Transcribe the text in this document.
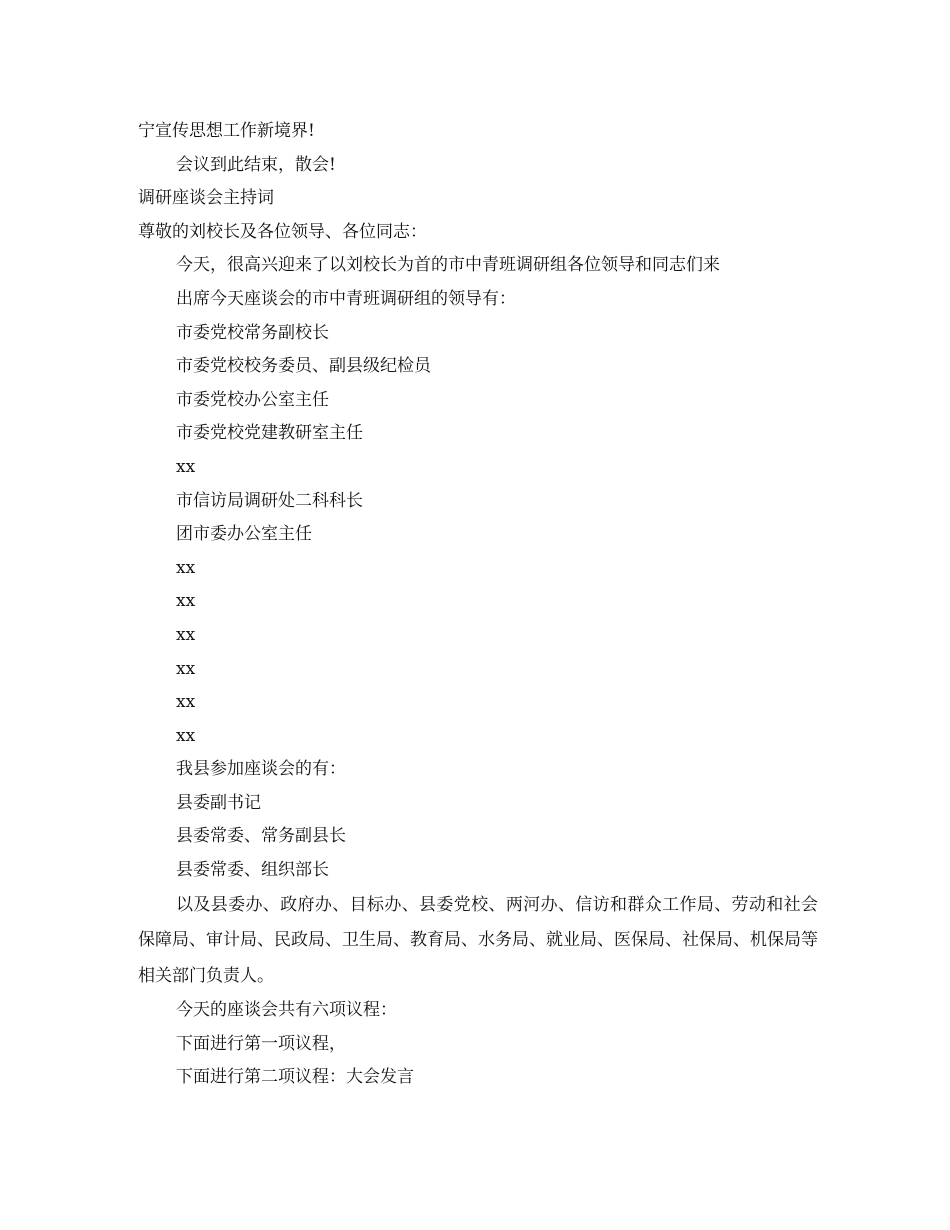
宁宣传思想工作新境界!
会议到此结束，散会!
调研座谈会主持词
尊敬的刘校长及各位领导、各位同志：
今天，很高兴迎来了以刘校长为首的市中青班调研组各位领导和同志们来
出席今天座谈会的市中青班调研组的领导有：
市委党校常务副校长
市委党校校务委员、副县级纪检员
市委党校办公室主任
市委党校党建教研室主任
xx
市信访局调研处二科科长
团市委办公室主任
xx
xx
xx
xx
xx
xx
我县参加座谈会的有：
县委副书记
县委常委、常务副县长
县委常委、组织部长
以及县委办、政府办、目标办、县委党校、两河办、信访和群众工作局、劳动和社会保障局、审计局、民政局、卫生局、教育局、水务局、就业局、医保局、社保局、机保局等相关部门负责人。
今天的座谈会共有六项议程：
下面进行第一项议程，
下面进行第二项议程：大会发言
